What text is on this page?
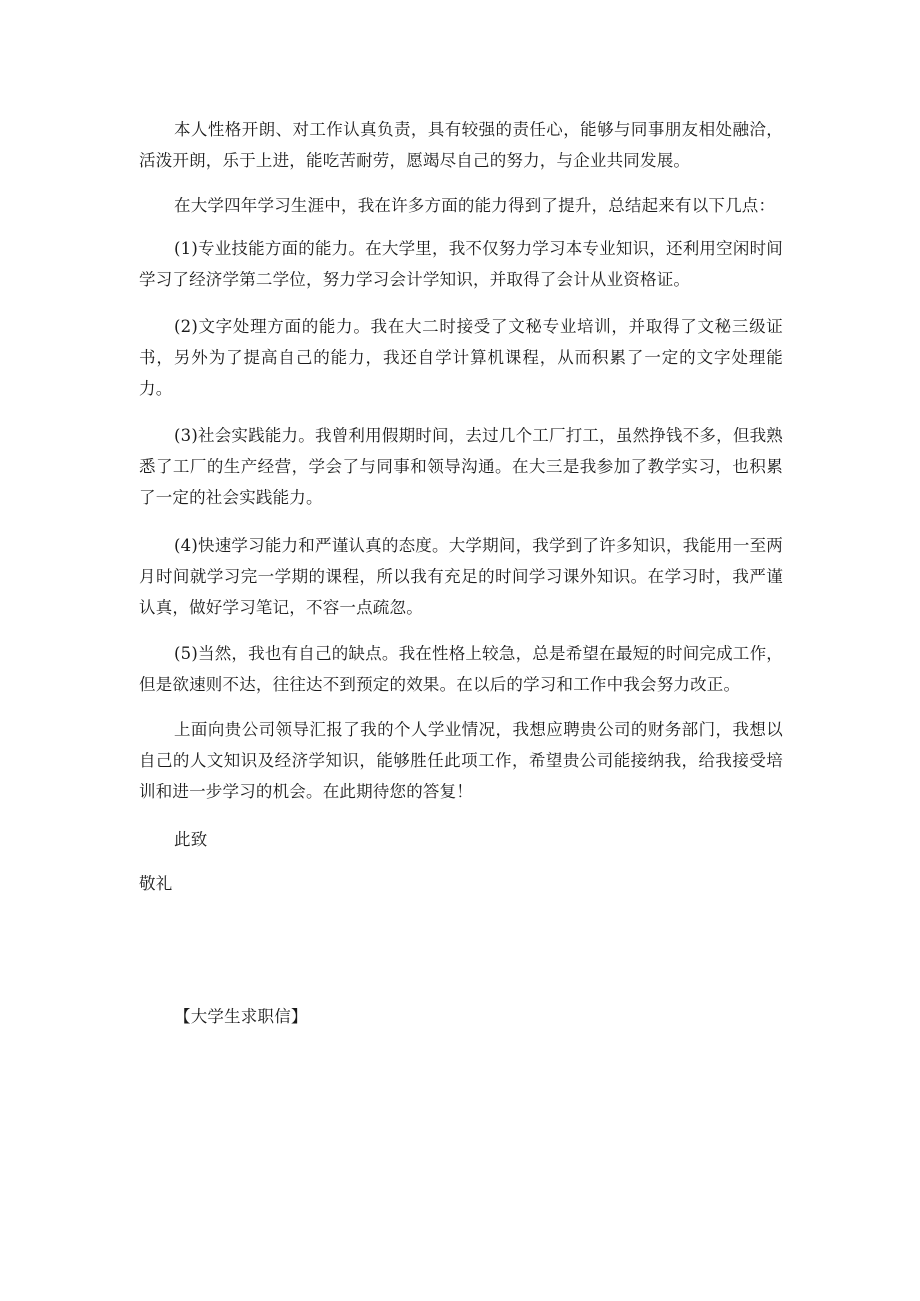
本人性格开朗、对工作认真负责，具有较强的责任心，能够与同事朋友相处融洽，活泼开朗，乐于上进，能吃苦耐劳，愿竭尽自己的努力，与企业共同发展。

在大学四年学习生涯中，我在许多方面的能力得到了提升，总结起来有以下几点：

(1)专业技能方面的能力。在大学里，我不仅努力学习本专业知识，还利用空闲时间学习了经济学第二学位，努力学习会计学知识，并取得了会计从业资格证。

(2)文字处理方面的能力。我在大二时接受了文秘专业培训，并取得了文秘三级证书，另外为了提高自己的能力，我还自学计算机课程，从而积累了一定的文字处理能力。

(3)社会实践能力。我曾利用假期时间，去过几个工厂打工，虽然挣钱不多，但我熟悉了工厂的生产经营，学会了与同事和领导沟通。在大三是我参加了教学实习，也积累了一定的社会实践能力。

(4)快速学习能力和严谨认真的态度。大学期间，我学到了许多知识，我能用一至两月时间就学习完一学期的课程，所以我有充足的时间学习课外知识。在学习时，我严谨认真，做好学习笔记，不容一点疏忽。

(5)当然，我也有自己的缺点。我在性格上较急，总是希望在最短的时间完成工作，但是欲速则不达，往往达不到预定的效果。在以后的学习和工作中我会努力改正。

上面向贵公司领导汇报了我的个人学业情况，我想应聘贵公司的财务部门，我想以自己的人文知识及经济学知识，能够胜任此项工作，希望贵公司能接纳我，给我接受培训和进一步学习的机会。在此期待您的答复！

此致

敬礼

【大学生求职信】
